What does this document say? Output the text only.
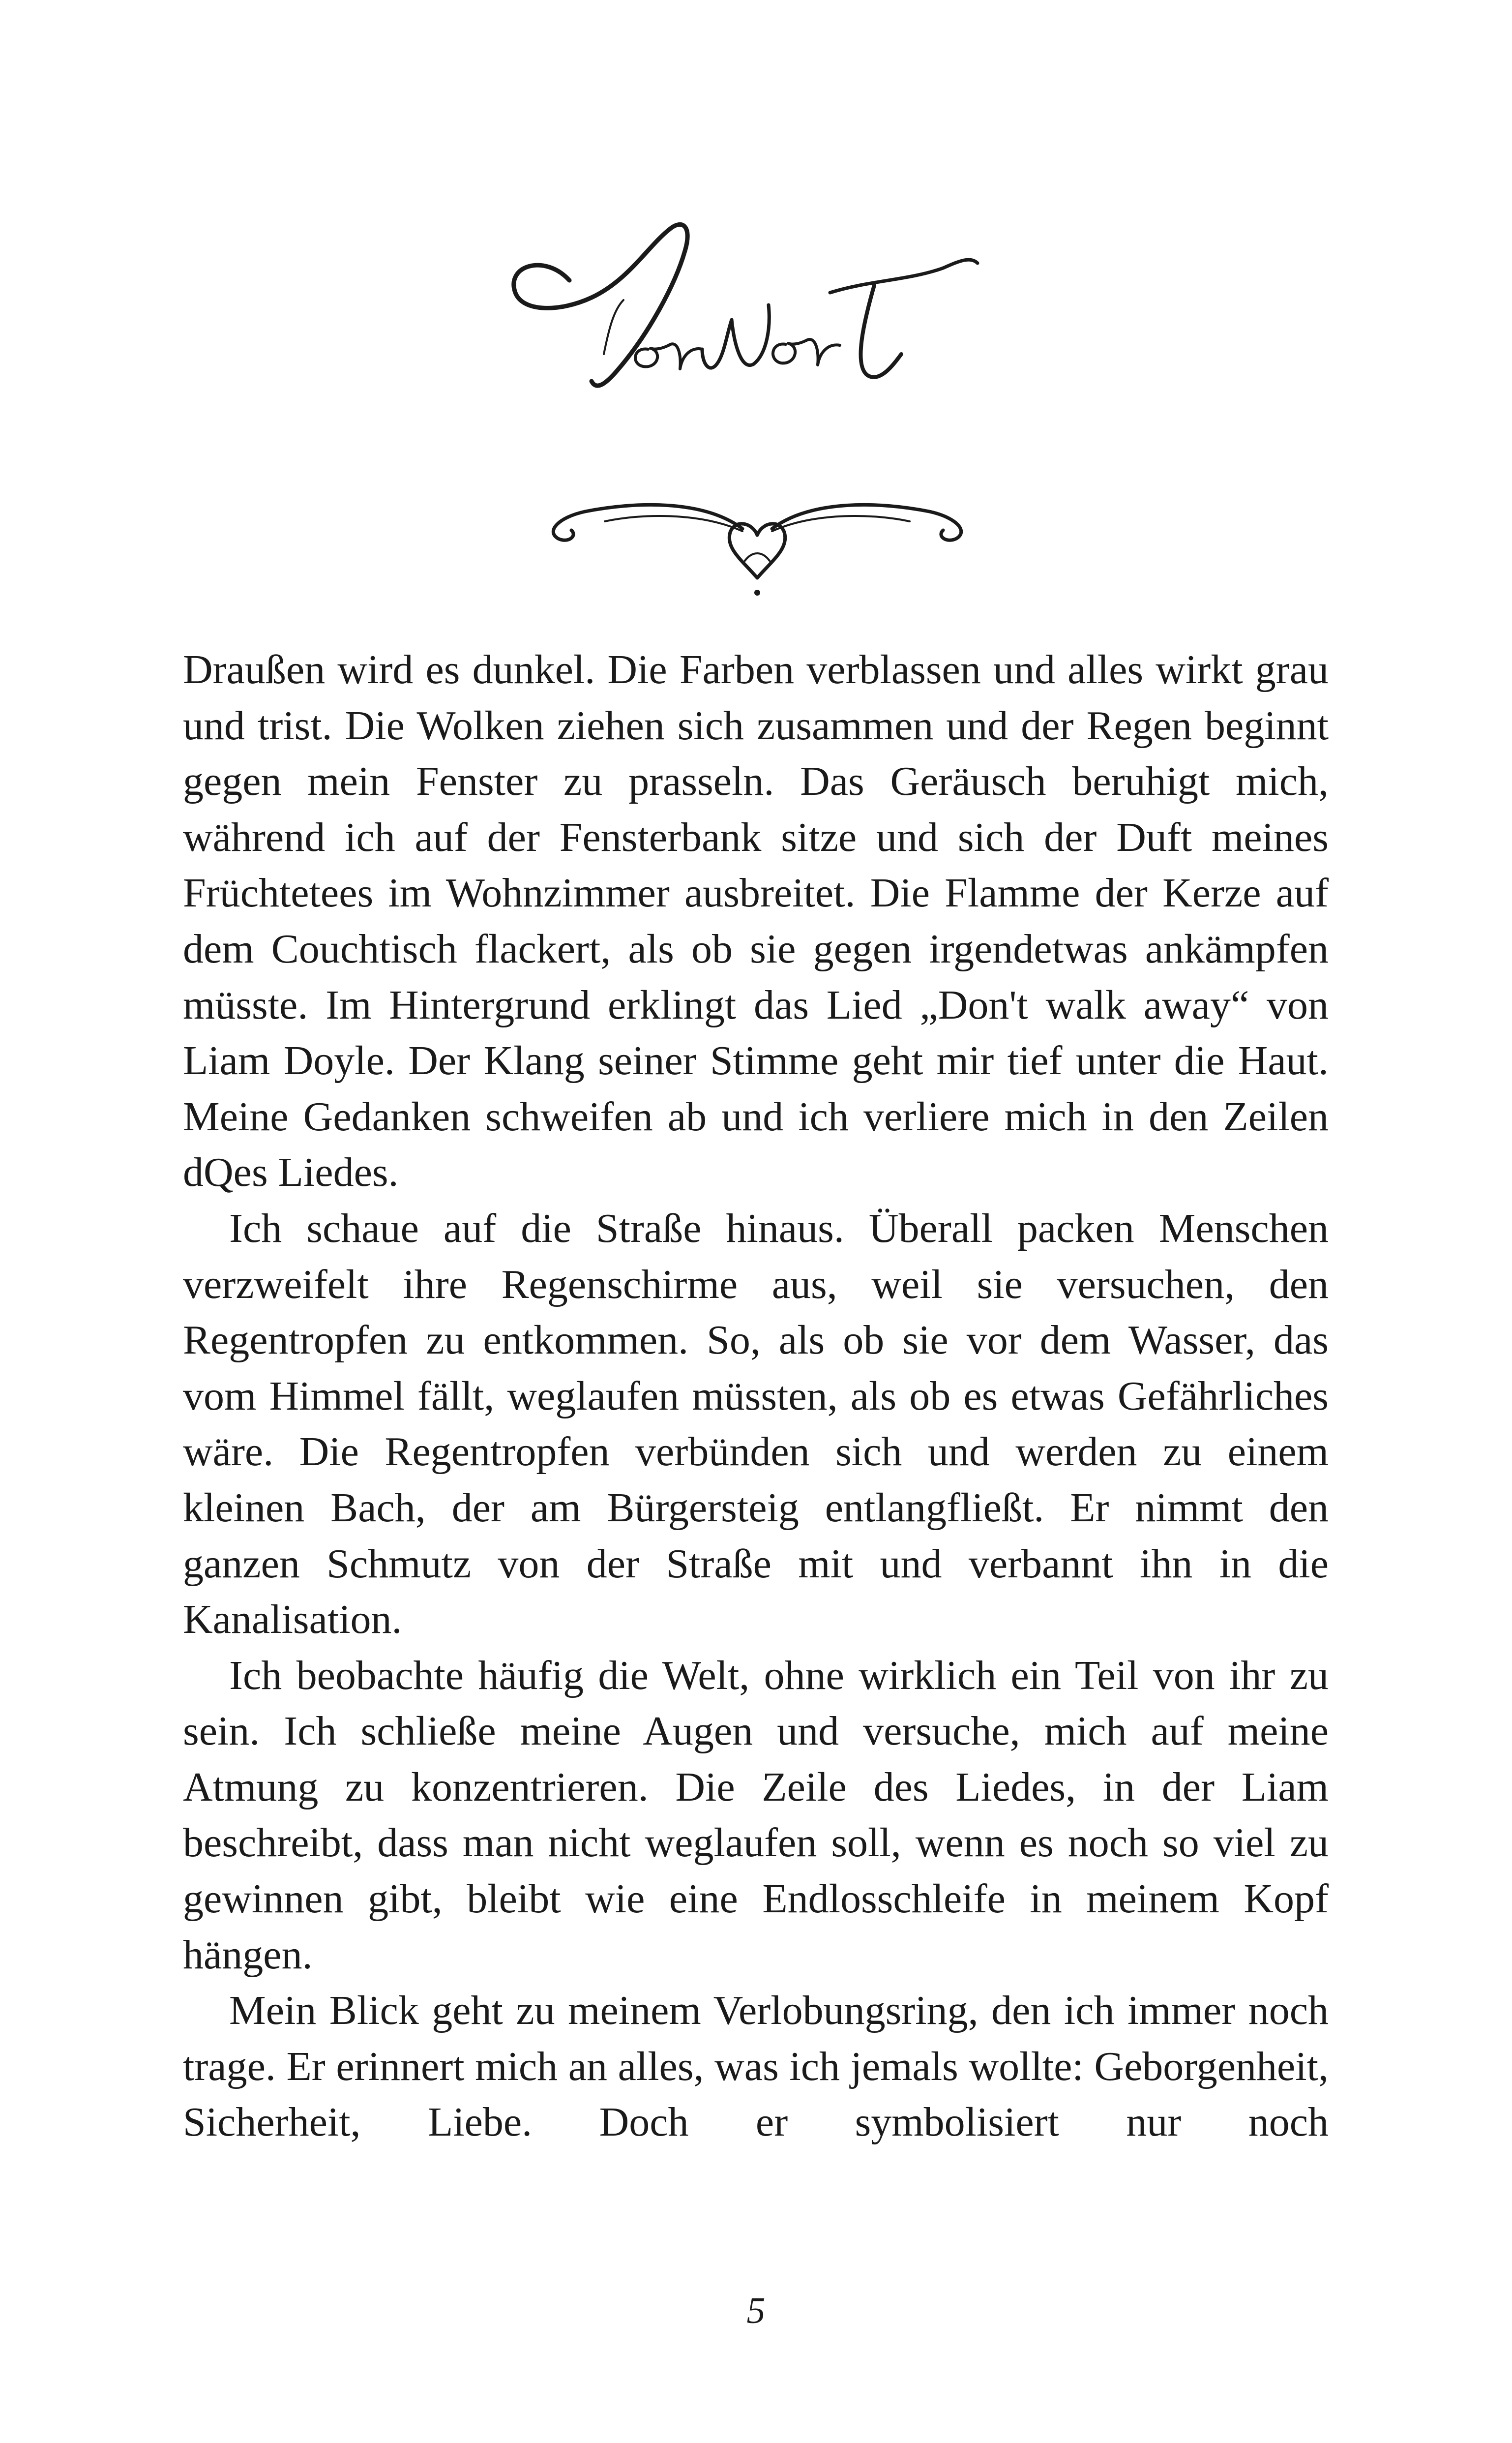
Draußen wird es dunkel. Die Farben verblassen und alles wirkt grau und trist. Die Wolken ziehen sich zusammen und der Regen beginnt gegen mein Fenster zu prasseln. Das Geräusch beruhigt mich, während ich auf der Fensterbank sitze und sich der Duft meines Früchtetees im Wohnzimmer ausbreitet. Die Flamme der Kerze auf dem Couchtisch flackert, als ob sie gegen irgendetwas ankämpfen müsste. Im Hintergrund erklingt das Lied „Don't walk away“ von Liam Doyle. Der Klang seiner Stimme geht mir tief unter die Haut. Meine Gedanken schweifen ab und ich verliere mich in den Zeilen dQes Liedes.

Ich schaue auf die Straße hinaus. Überall packen Menschen verzweifelt ihre Regenschirme aus, weil sie versuchen, den Regentropfen zu entkommen. So, als ob sie vor dem Wasser, das vom Himmel fällt, weglaufen müssten, als ob es etwas Gefährliches wäre. Die Regentropfen verbünden sich und werden zu einem kleinen Bach, der am Bürgersteig entlangfließt. Er nimmt den ganzen Schmutz von der Straße mit und verbannt ihn in die Kanalisation.

Ich beobachte häufig die Welt, ohne wirklich ein Teil von ihr zu sein. Ich schließe meine Augen und versuche, mich auf meine Atmung zu konzentrieren. Die Zeile des Liedes, in der Liam beschreibt, dass man nicht weglaufen soll, wenn es noch so viel zu gewinnen gibt, bleibt wie eine Endlosschleife in meinem Kopf hängen.

Mein Blick geht zu meinem Verlobungsring, den ich immer noch trage. Er erinnert mich an alles, was ich jemals wollte: Geborgenheit, Sicherheit, Liebe. Doch er symbolisiert nur noch

5
